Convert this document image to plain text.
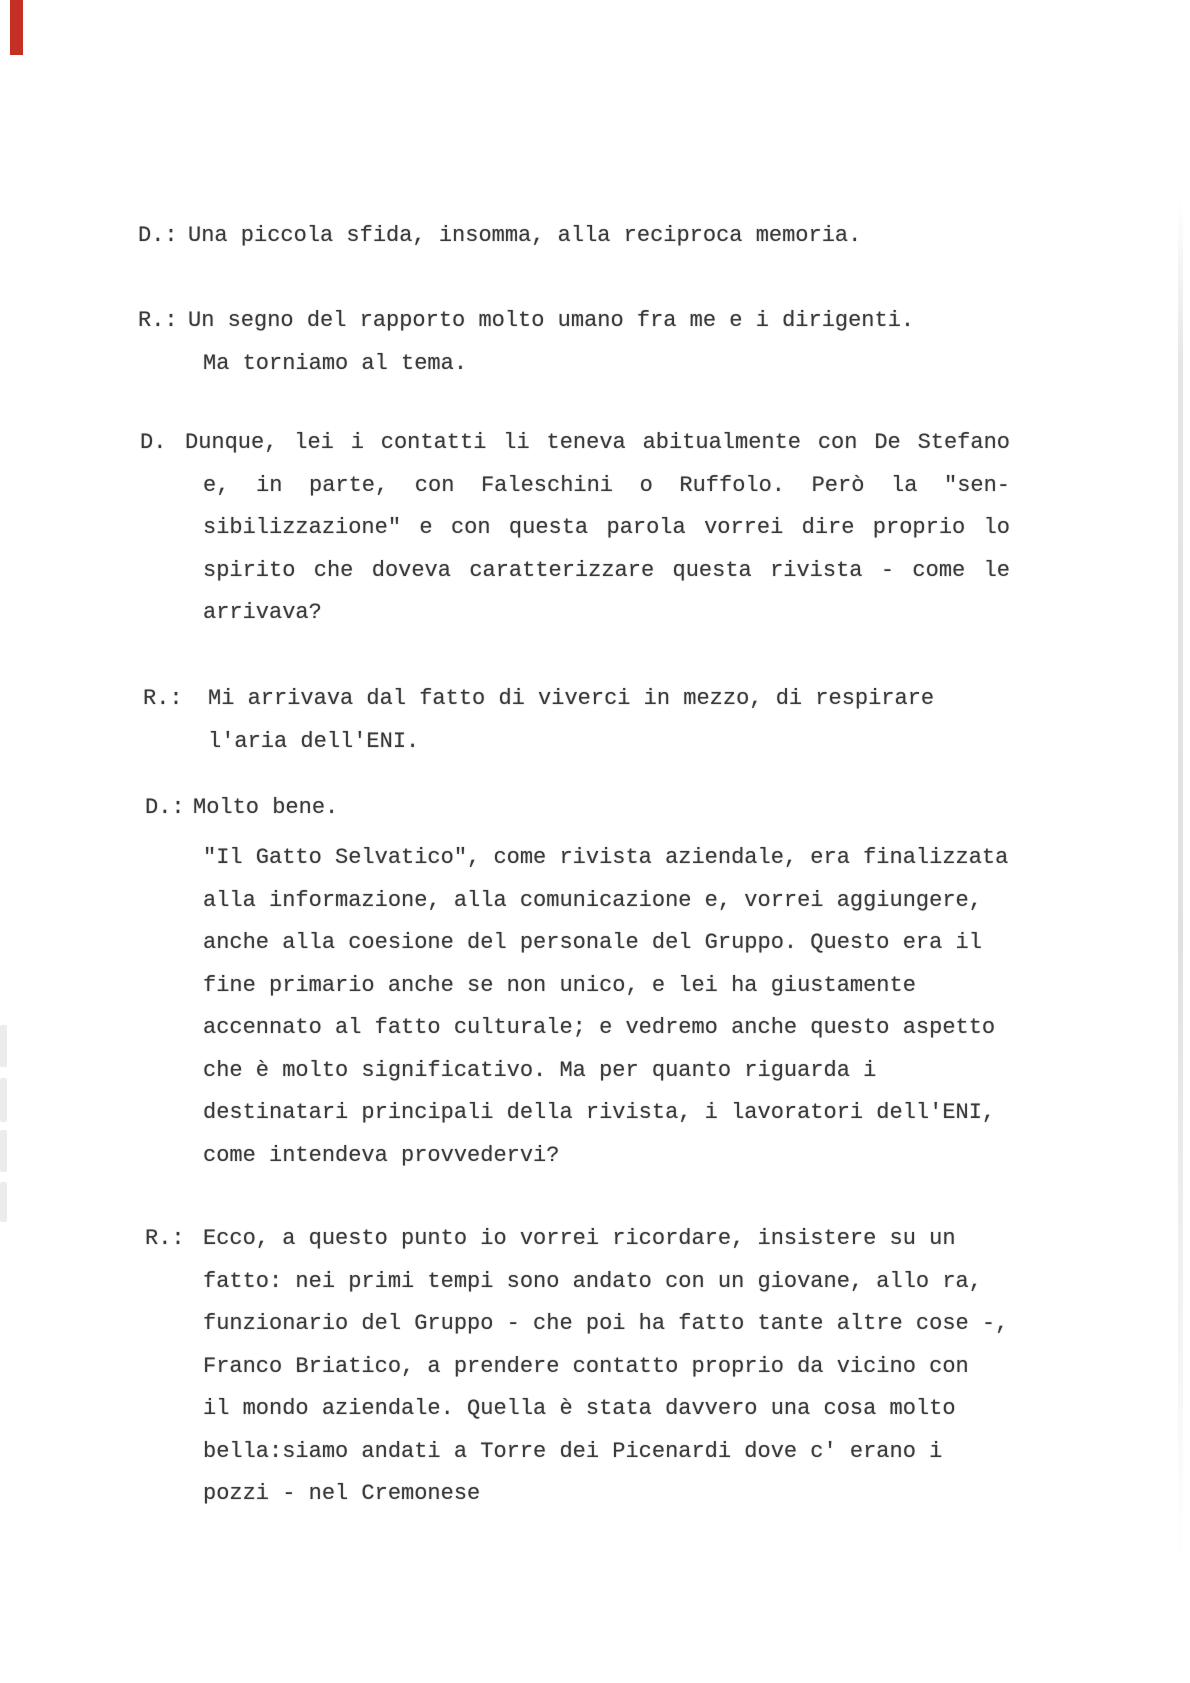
D.: Una piccola sfida, insomma, alla reciproca memoria.
R.: Un segno del rapporto molto umano fra me e i dirigenti.
Ma torniamo al tema.
D. Dunque, lei i contatti li teneva abitualmente con De Stefano
e, in parte, con Faleschini o Ruffolo. Però la "sen-
sibilizzazione" e con questa parola vorrei dire proprio lo
spirito che doveva caratterizzare questa rivista - come le
arrivava?
R.: Mi arrivava dal fatto di viverci in mezzo, di respirare
l'aria dell'ENI.
D.: Molto bene.
"Il Gatto Selvatico", come rivista aziendale, era finalizzata
alla informazione, alla comunicazione e, vorrei aggiungere,
anche alla coesione del personale del Gruppo. Questo era il
fine primario anche se non unico, e lei ha giustamente
accennato al fatto culturale; e vedremo anche questo aspetto
che è molto significativo. Ma per quanto riguarda i
destinatari principali della rivista, i lavoratori dell'ENI,
come intendeva provvedervi?
R.: Ecco, a questo punto io vorrei ricordare, insistere su un
fatto: nei primi tempi sono andato con un giovane, allo ra,
funzionario del Gruppo - che poi ha fatto tante altre cose -,
Franco Briatico, a prendere contatto proprio da vicino con
il mondo aziendale. Quella è stata davvero una cosa molto
bella:siamo andati a Torre dei Picenardi dove c' erano i
pozzi - nel Cremonese
